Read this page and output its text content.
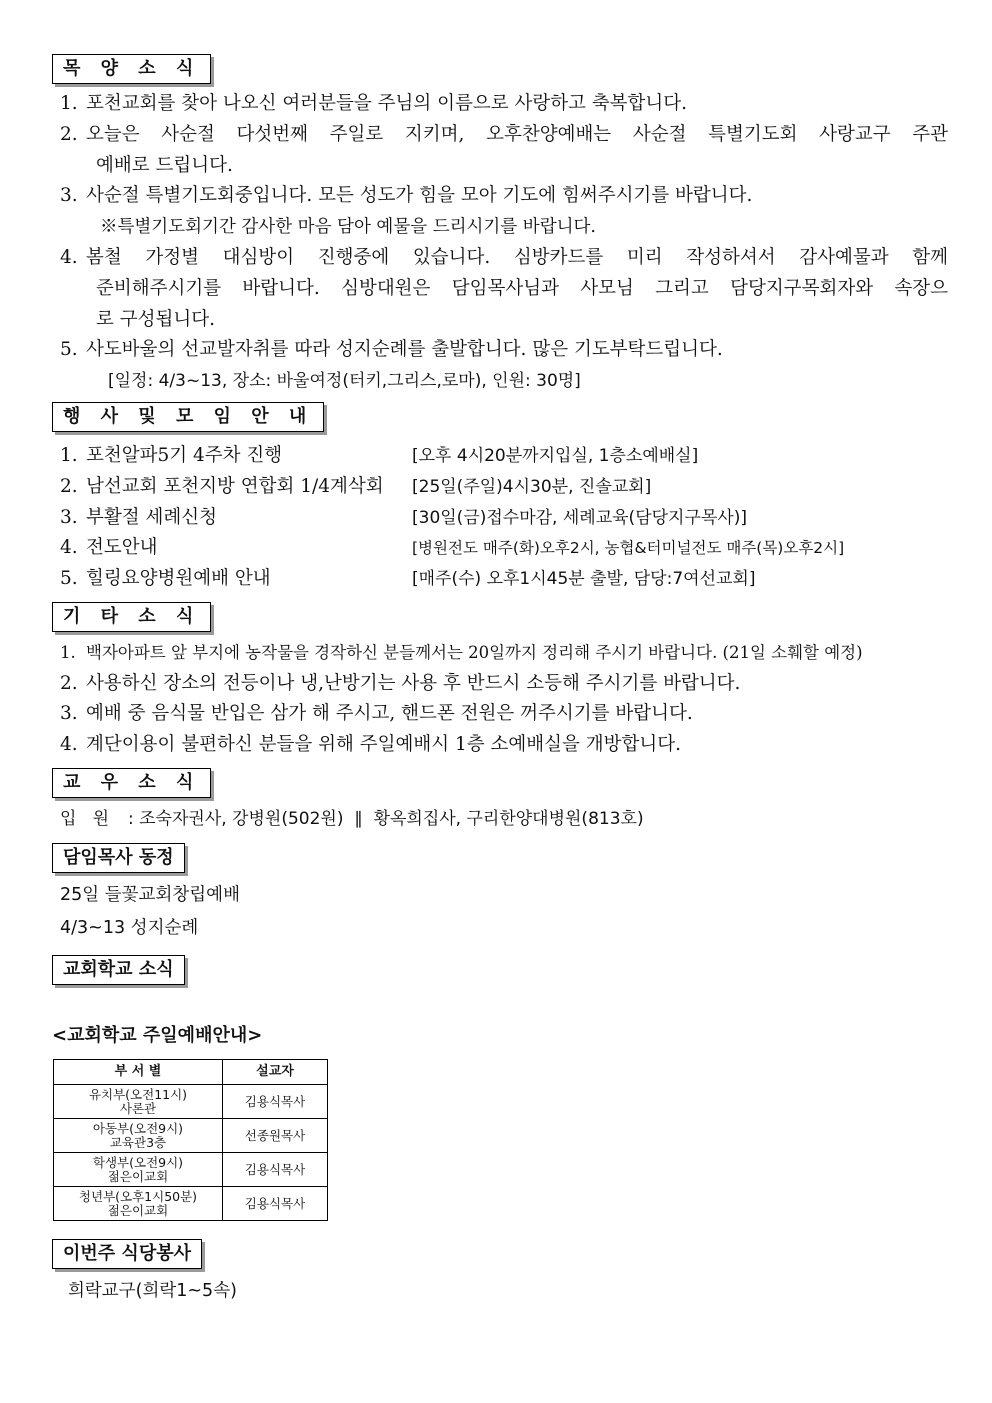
목 양 소 식
1. 포천교회를 찾아 나오신 여러분들을 주님의 이름으로 사랑하고 축복합니다.
2. 오늘은 사순절 다섯번째 주일로 지키며, 오후찬양예배는 사순절 특별기도회 사랑교구 주관
예배로 드립니다.
3. 사순절 특별기도회중입니다. 모든 성도가 힘을 모아 기도에 힘써주시기를 바랍니다.
※특별기도회기간 감사한 마음 담아 예물을 드리시기를 바랍니다.
4. 봄철 가정별 대심방이 진행중에 있습니다. 심방카드를 미리 작성하셔서 감사예물과 함께
준비해주시기를 바랍니다. 심방대원은 담임목사님과 사모님 그리고 담당지구목회자와 속장으
로 구성됩니다.
5. 사도바울의 선교발자취를 따라 성지순례를 출발합니다. 많은 기도부탁드립니다.
[일정: 4/3~13, 장소: 바울여정(터키,그리스,로마), 인원: 30명]
행 사 및 모 임 안 내
1. 포천알파5기 4주차 진행	[오후 4시20분까지입실, 1층소예배실]
2. 남선교회 포천지방 연합회 1/4계삭회 [25일(주일)4시30분, 진솔교회]
3. 부활절 세례신청	[30일(금)접수마감, 세례교육(담당지구목사)]
4. 전도안내	[병원전도 매주(화)오후2시, 농협&터미널전도 매주(목)오후2시]
5. 힐링요양병원예배 안내	[매주(수) 오후1시45분 출발, 담당:7여선교회]
기 타 소 식
1. 백자아파트 앞 부지에 농작물을 경작하신 분들께서는 20일까지 정리해 주시기 바랍니다. (21일 소훼할 예정)
2. 사용하신 장소의 전등이나 냉,난방기는 사용 후 반드시 소등해 주시기를 바랍니다.
3. 예배 중 음식물 반입은 삼가 해 주시고, 핸드폰 전원은 꺼주시기를 바랍니다.
4. 계단이용이 불편하신 분들을 위해 주일예배시 1층 소예배실을 개방합니다.
교 우 소 식
입   원 : 조숙자권사, 강병원(502원)  ∥  황옥희집사, 구리한양대병원(813호)
담임목사 동정
25일 들꽃교회창립예배
4/3~13 성지순례
교회학교 소식
<교회학교 주일예배안내>
부 서 별	설교자
유치부(오전11시)
사론관	김용식목사
아동부(오전9시)
교육관3층	선종원목사
학생부(오전9시)
젊은이교회	김용식목사
청년부(오후1시50분)
젊은이교회	김용식목사
이번주 식당봉사
희락교구(희락1~5속)
